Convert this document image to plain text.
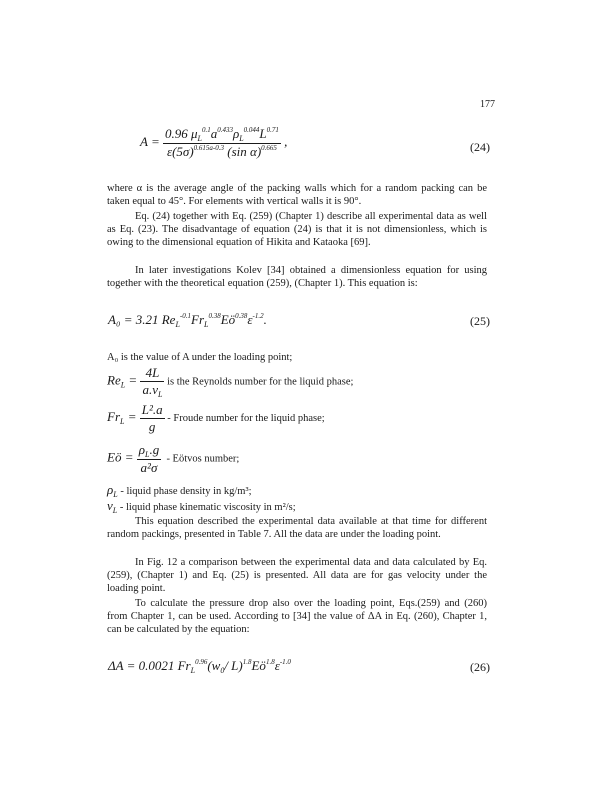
177
$A = \frac{0.96 \mu_L^{0.1}a^{0.433}\rho_L^{0.044}L^{0.71}}{\varepsilon(5\sigma)^{0.615a-0.3} (\sin \alpha)^{0.665}}$ ,	(24)

where α is the average angle of the packing walls which for a random packing can be taken equal to 45°. For elements with vertical walls it is 90°.

Eq. (24) together with Eq. (259) (Chapter 1) describe all experimental data as well as Eq. (23). The disadvantage of equation (24) is that it is not dimensionless, which is owing to the dimensional equation of Hikita and Kataoka [69].

In later investigations Kolev [34] obtained a dimensionless equation for using together with the theoretical equation (259), (Chapter 1). This equation is:

A₀ = 3.21 $Re_L^{-0.1}Fr_L^{0.38}Eö^{0.38}\varepsilon^{-1.2}$.	(25)
A₀ is the value of A under the loading point;
$Re_L = \frac{4L}{a.\nu_L}$ is the Reynolds number for the liquid phase;
$Fr_L = \frac{\text{L².a}}{g}$ - Froude number for the liquid phase;
Eö = $\frac{\rho_L.g}{\text{a²σ}}$ - Eötvos number;
$\rho_L$ - liquid phase density in kg/m³;
$\nu_L$ - liquid phase kinematic viscosity in m²/s;

This equation described the experimental data available at that time for different random packings, presented in Table 7. All the data are under the loading point.

In Fig. 12 a comparison between the experimental data and data calculated by Eq. (259), (Chapter 1) and Eq. (25) is presented. All data are for gas velocity under the loading point.

To calculate the pressure drop also over the loading point, Eqs.(259) and (260) from Chapter 1, can be used. According to [34] the value of ΔA in Eq. (260), Chapter 1, can be calculated by the equation:

ΔA = 0.0021 $Fr_L^{0.96}(w_0/$ $L)^{1.8}Eö^{1.8}\varepsilon^{-1.0}$	(26)
